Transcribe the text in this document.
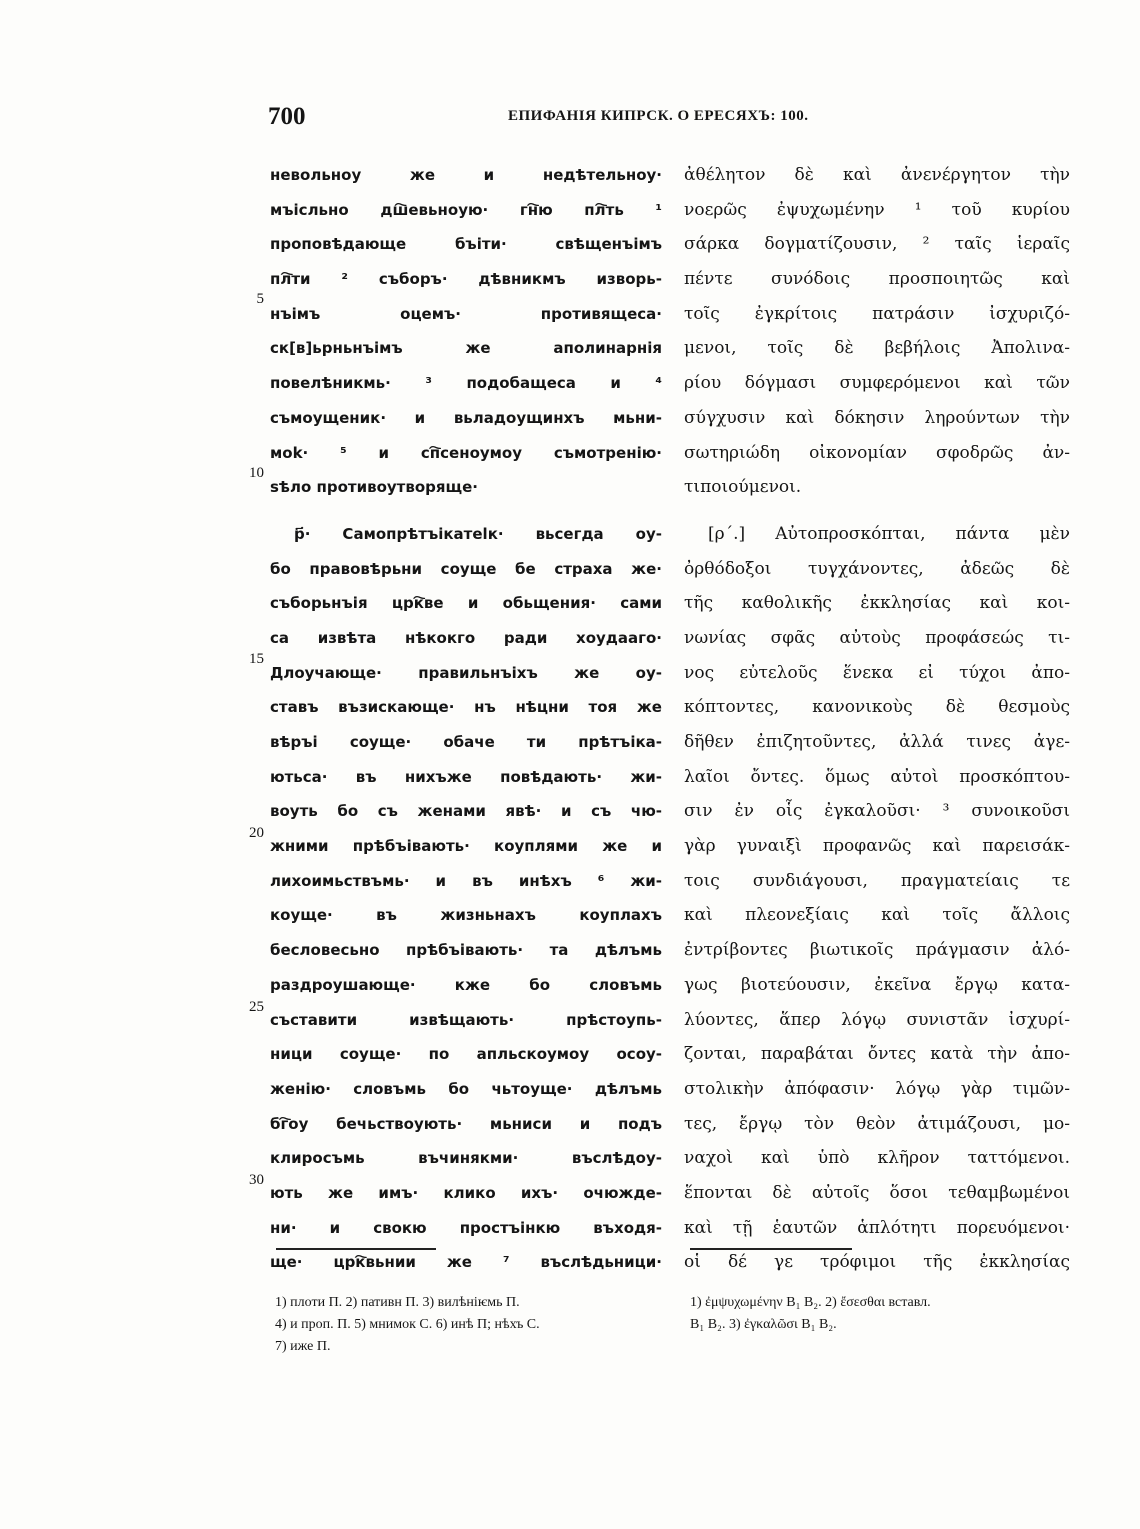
700	ЕПИФАНІЯ КИПРСК. О ЕРЕСЯХЪ: 100.
5
10
15
20
25
30
невольноу же и недѣтельноу·
мъісльно дш҇евьноую· гн҇ю пл҇ть ¹
проповѣдающе бъіти· свѣщенъімъ
пл҇ти ² съборъ· дѣвникмъ изворь-
нъімъ оцемъ· противящеса·
ск[в]ьрньнъімъ же аполинарнія
повелѣникмь· ³ подобащеса и ⁴
съмоущеник· и вьладоущинхъ мьни-
моk· ⁵ и сп҇сеноумоу съмотренію·
ѕѣло противоутворяще·
р҃· Самопрѣтъікатеlк· вьсегда оу-
бо правовѣрьни соуще бе страха же·
съборьнъія црк҇ве и обьщения· сами
са извѣта нѣкокго ради хоудааго·
Длоучающе· правильнъіхъ же оу-
ставъ възискающе· нъ нѣцни тоя же
вѣръі соуще· обаче ти прѣтъіка-
ютьса· въ нихъже повѣдають· жи-
воуть бо съ женами явѣ· и съ чю-
жними прѣбъівають· коуплями же и
лихоимьствъмь· и въ инѣхъ ⁶ жи-
коуще· въ жизньнахъ коуплахъ
бесловесьно прѣбъівають· та дѣлъмь
раздроушающе· кже бо словъмь
съставити извѣщають· прѣстоупь-
ници соуще· по апльскоумоу осоу-
женію· словъмь бо чьтоуще· дѣлъмь
бг҇оу бечьствоують· мьниси и подъ
клиросъмь въчинякми· въслѣдоу-
ють же имъ· клико ихъ· очюжде-
ни· и свокю простъінкю въходя-
ще· црк҇вьнии же ⁷ въслѣдьници·
ἀθέλητον δὲ καὶ ἀνενέργητον τὴν
νοερῶς ἐψυχωμένην ¹ τοῦ κυρίου
σάρκα δογματίζουσιν, ² ταῖς ἱεραῖς
πέντε συνόδοις προσποιητῶς καὶ
τοῖς ἐγκρίτοις πατράσιν ἰσχυριζό-
μενοι, τοῖς δὲ βεβήλοις Ἀπολινα-
ρίου δόγμασι συμφερόμενοι καὶ τῶν
σύγχυσιν καὶ δόκησιν ληρούντων τὴν
σωτηριώδη οἰκονομίαν σφοδρῶς ἀν-
τιποιούμενοι.
[ρ΄.] Αὐτοπροσκόπται, πάντα μὲν
ὀρθόδοξοι τυγχάνοντες, ἀδεῶς δὲ
τῆς καθολικῆς ἐκκλησίας καὶ κοι-
νωνίας σφᾶς αὐτοὺς προφάσεώς τι-
νος εὐτελοῦς ἕνεκα εἰ τύχοι ἀπο-
κόπτοντες, κανονικοὺς δὲ θεσμοὺς
δῆθεν ἐπιζητοῦντες, ἀλλά τινες ἀγε-
λαῖοι ὄντες. ὅμως αὐτοὶ προσκόπτου-
σιν ἐν οἷς ἐγκαλοῦσι· ³ συνοικοῦσι
γὰρ γυναιξὶ προφανῶς καὶ παρεισάκ-
τοις συνδιάγουσι, πραγματείαις τε
καὶ πλεονεξίαις καὶ τοῖς ἄλλοις
ἐντρίβοντες βιωτικοῖς πράγμασιν ἀλό-
γως βιοτεύουσιν, ἐκεῖνα ἔργῳ κατα-
λύοντες, ἅπερ λόγῳ συνιστᾶν ἰσχυρί-
ζονται, παραβάται ὄντες κατὰ τὴν ἀπο-
στολικὴν ἀπόφασιν· λόγῳ γὰρ τιμῶν-
τες, ἔργῳ τὸν θεὸν ἀτιμάζουσι, μο-
ναχοὶ καὶ ὑπὸ κλῆρον ταττόμενοι.
ἕπονται δὲ αὐτοῖς ὅσοι τεθαμβωμένοι
καὶ τῇ ἑαυτῶν ἁπλότητι πορευόμενοι·
οἱ δέ γε τρόφιμοι τῆς ἐκκλησίας
1) плоти П. 2) пативн П. 3) вилѣнiѥмь П.
4) и проп. П. 5) мнимок С. 6) инѣ П; нѣхъ С.
7) иже П.
1) ἐμψυχωμένην B₁ B₂. 2) ἔσεσθαι вставл.
B₁ B₂. 3) ἐγκαλῶσι B₁ B₂.
